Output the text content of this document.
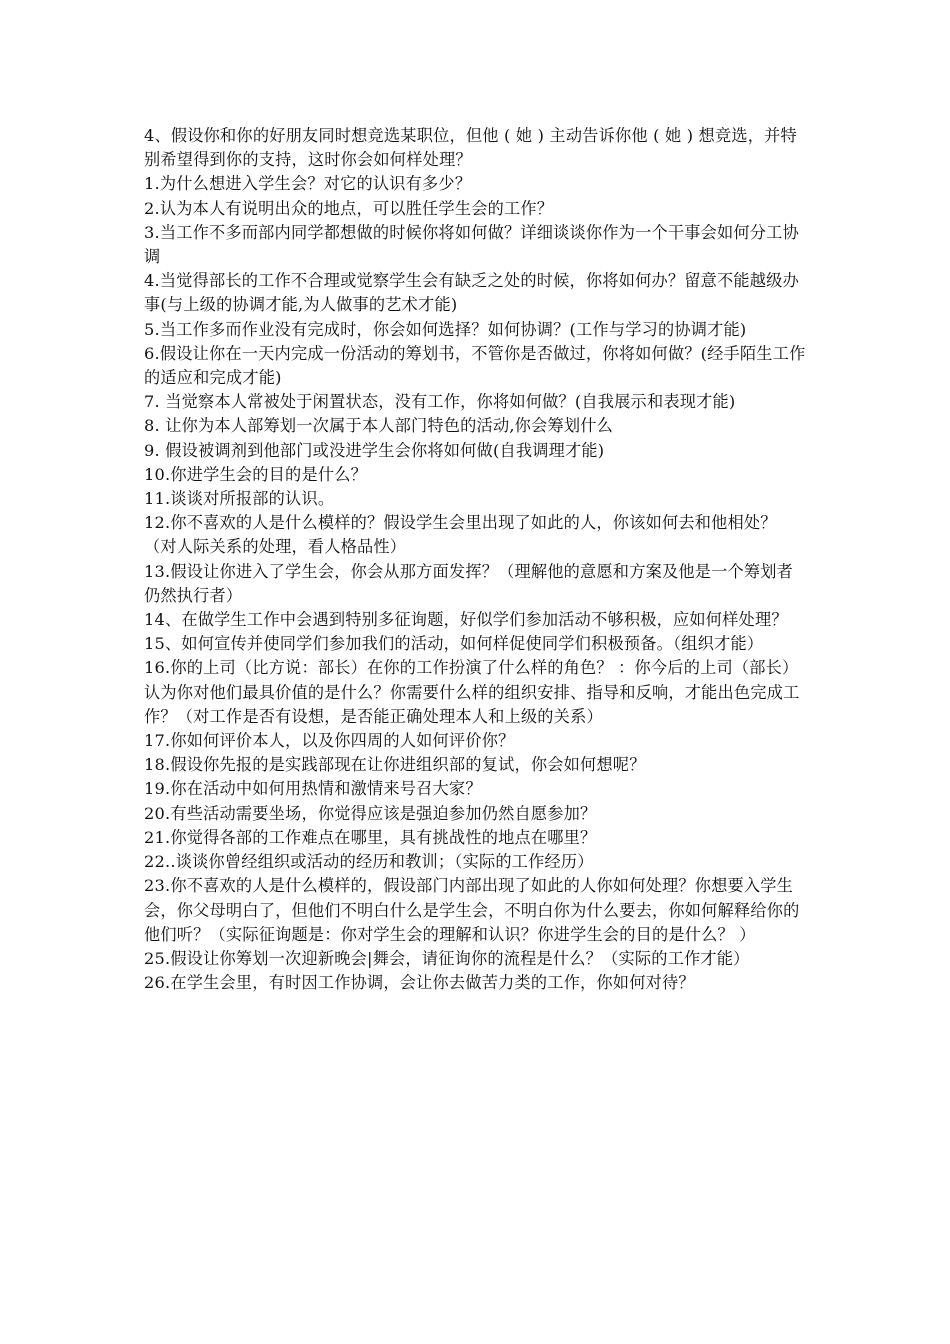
4、假设你和你的好朋友同时想竞选某职位，但他 ( 她 ) 主动告诉你他 ( 她 ) 想竞选，并特别希望得到你的支持，这时你会如何样处理？

1.为什么想进入学生会？对它的认识有多少？

2.认为本人有说明出众的地点，可以胜任学生会的工作？

3.当工作不多而部内同学都想做的时候你将如何做？详细谈谈你作为一个干事会如何分工协调

4.当觉得部长的工作不合理或觉察学生会有缺乏之处的时候，你将如何办？留意不能越级办事(与上级的协调才能,为人做事的艺术才能)

5.当工作多而作业没有完成时，你会如何选择？如何协调？(工作与学习的协调才能)

6.假设让你在一天内完成一份活动的筹划书，不管你是否做过，你将如何做？(经手陌生工作的适应和完成才能)

7. 当觉察本人常被处于闲置状态，没有工作，你将如何做？(自我展示和表现才能)

8. 让你为本人部筹划一次属于本人部门特色的活动,你会筹划什么

9. 假设被调剂到他部门或没进学生会你将如何做(自我调理才能)

10.你进学生会的目的是什么？

11.谈谈对所报部的认识。

12.你不喜欢的人是什么模样的？假设学生会里出现了如此的人，你该如何去和他相处？（对人际关系的处理，看人格品性）

13.假设让你进入了学生会，你会从那方面发挥？（理解他的意愿和方案及他是一个筹划者仍然执行者）

14、在做学生工作中会遇到特别多征询题，好似学们参加活动不够积极，应如何样处理？

15、如何宣传并使同学们参加我们的活动，如何样促使同学们积极预备。（组织才能）

16.你的上司（比方说：部长）在你的工作扮演了什么样的角色？ ：你今后的上司（部长） 认为你对他们最具价值的是什么？你需要什么样的组织安排、指导和反响，才能出色完成工作？（对工作是否有设想，是否能正确处理本人和上级的关系）

17.你如何评价本人，以及你四周的人如何评价你？

18.假设你先报的是实践部现在让你进组织部的复试，你会如何想呢？

19.你在活动中如何用热情和激情来号召大家？

20.有些活动需要坐场，你觉得应该是强迫参加仍然自愿参加？

21.你觉得各部的工作难点在哪里，具有挑战性的地点在哪里？

22..谈谈你曾经组织或活动的经历和教训；（实际的工作经历）

23.你不喜欢的人是什么模样的，假设部门内部出现了如此的人你如何处理？你想要入学生会，你父母明白了，但他们不明白什么是学生会，不明白你为什么要去，你如何解释给你的他们听？（实际征询题是：你对学生会的理解和认识？你进学生会的目的是什么？ ）

25.假设让你筹划一次迎新晚会|舞会，请征询你的流程是什么？（实际的工作才能）

26.在学生会里，有时因工作协调，会让你去做苦力类的工作，你如何对待？
